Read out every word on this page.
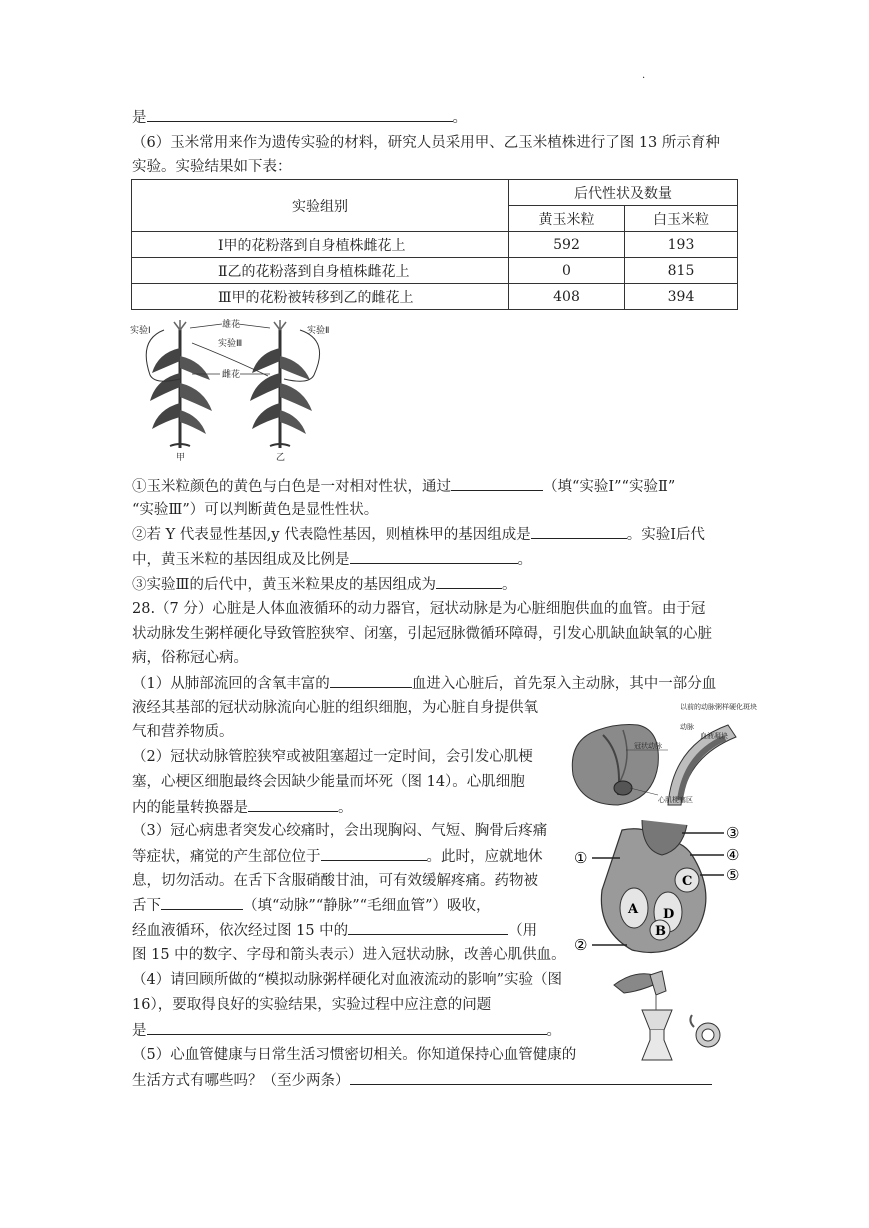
.
是	。
（6）玉米常用来作为遗传实验的材料，研究人员采用甲、乙玉米植株进行了图 13 所示育种
实验。实验结果如下表：
实验组别	后代性状及数量	
	黄玉米粒	白玉米粒
Ⅰ甲的花粉落到自身植株雌花上	592	193
Ⅱ乙的花粉落到自身植株雌花上	0	815
Ⅲ甲的花粉被转移到乙的雌花上	408	394
实验Ⅰ	实验Ⅱ
雄花
实验Ⅲ
雌花
甲	乙
①玉米粒颜色的黄色与白色是一对相对性状，通过	（填“实验Ⅰ”“实验Ⅱ”
“实验Ⅲ”）可以判断黄色是显性性状。
②若 Y 代表显性基因,y 代表隐性基因，则植株甲的基因组成是	。实验Ⅰ后代
中，黄玉米粒的基因组成及比例是	。
③实验Ⅲ的后代中，黄玉米粒果皮的基因组成为	。
28.（7 分）心脏是人体血液循环的动力器官，冠状动脉是为心脏细胞供血的血管。由于冠
状动脉发生粥样硬化导致管腔狭窄、闭塞，引起冠脉微循环障碍，引发心肌缺血缺氧的心脏
病，俗称冠心病。
（1）从肺部流回的含氧丰富的	血进入心脏后，首先泵入主动脉，其中一部分血
液经其基部的冠状动脉流向心脏的组织细胞，为心脏自身提供氧
气和营养物质。
（2）冠状动脉管腔狭窄或被阻塞超过一定时间，会引发心肌梗
塞，心梗区细胞最终会因缺少能量而坏死（图 14）。心肌细胞
内的能量转换器是	。
（3）冠心病患者突发心绞痛时，会出现胸闷、气短、胸骨后疼痛
等症状，痛觉的产生部位位于	。此时，应就地休
息，切勿活动。在舌下含服硝酸甘油，可有效缓解疼痛。药物被
舌下	（填“动脉”“静脉”“毛细血管”）吸收，
经血液循环，依次经过图 15 中的	（用
图 15 中的数字、字母和箭头表示）进入冠状动脉，改善心肌供血。
（4）请回顾所做的“模拟动脉粥样硬化对血液流动的影响”实验（图
16），要取得良好的实验结果，实验过程中应注意的问题
是	。
（5）心血管健康与日常生活习惯密切相关。你知道保持心血管健康的
生活方式有哪些吗？（至少两条）
以前的动脉粥样硬化斑块
动脉
血液凝块
冠状动脉
心肌梗塞区
①
②
③
④
⑤
A
B
C
D
